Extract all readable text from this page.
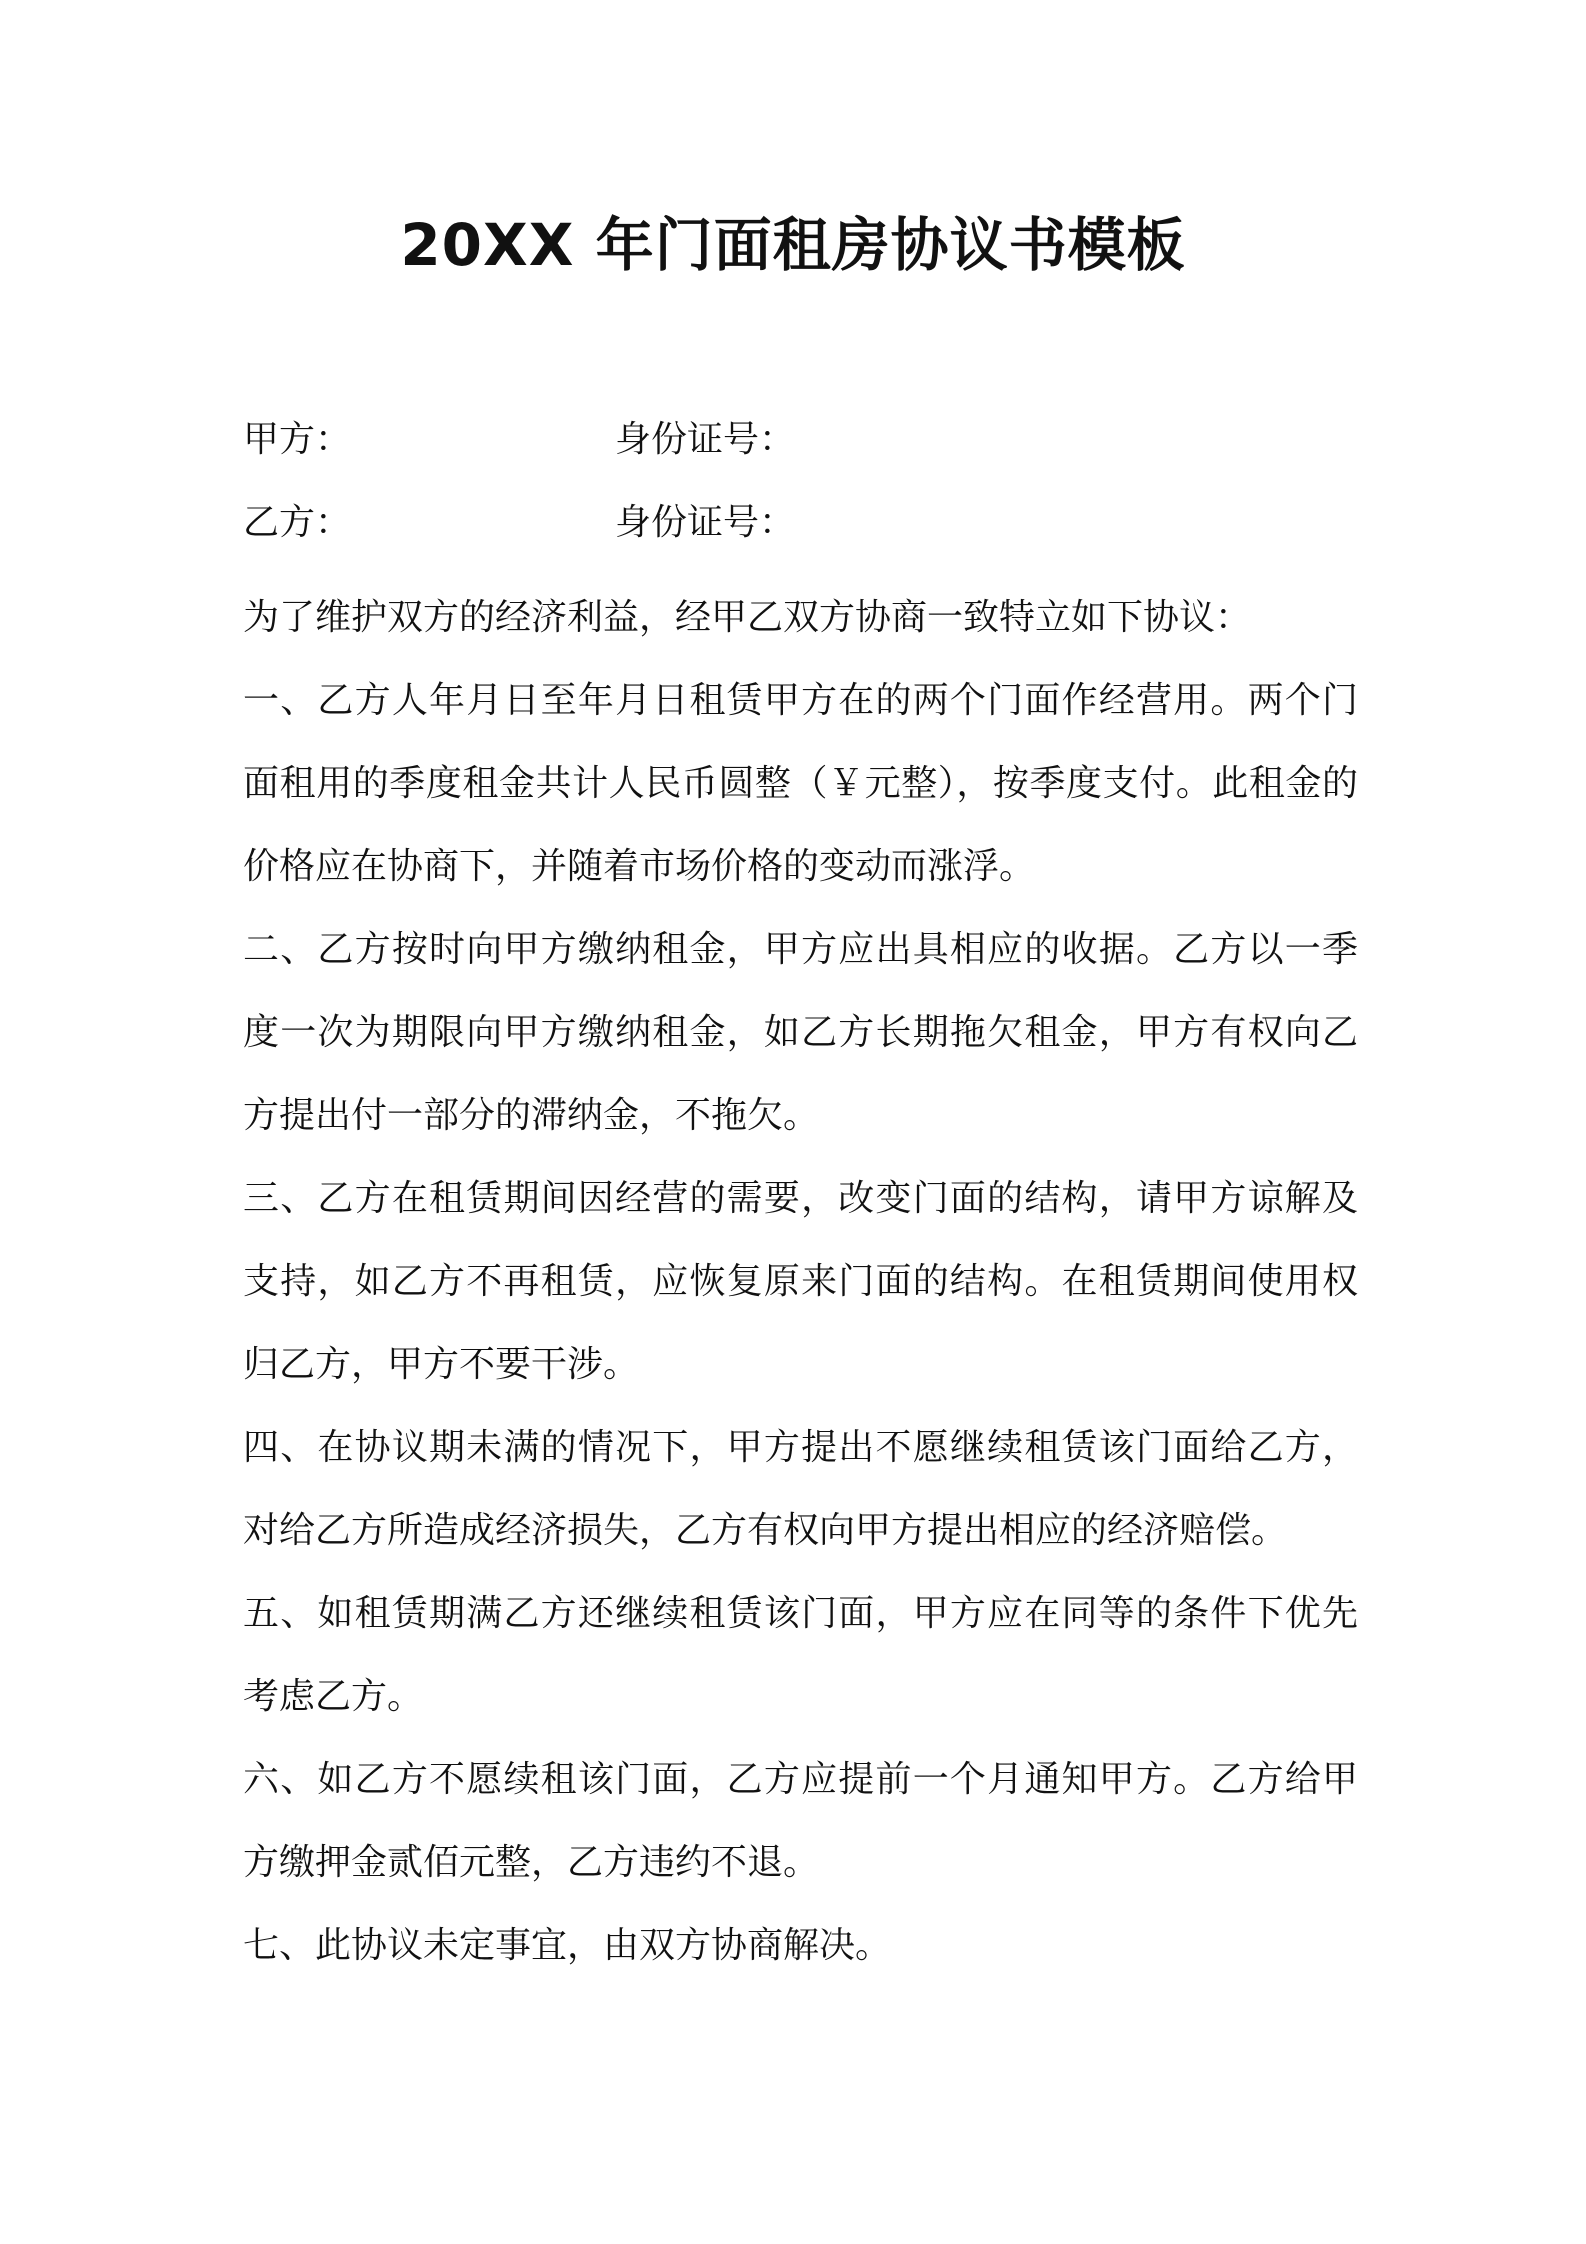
20XX 年门面租房协议书模板
甲方：	身份证号：
乙方：	身份证号：

为了维护双方的经济利益，经甲乙双方协商一致特立如下协议：

一、乙方人年月日至年月日租赁甲方在的两个门面作经营用。两个门面租用的季度租金共计人民币圆整（￥元整），按季度支付。此租金的价格应在协商下，并随着市场价格的变动而涨浮。

二、乙方按时向甲方缴纳租金，甲方应出具相应的收据。乙方以一季度一次为期限向甲方缴纳租金，如乙方长期拖欠租金，甲方有权向乙方提出付一部分的滞纳金，不拖欠。

三、乙方在租赁期间因经营的需要，改变门面的结构，请甲方谅解及支持，如乙方不再租赁，应恢复原来门面的结构。在租赁期间使用权归乙方，甲方不要干涉。

四、在协议期未满的情况下，甲方提出不愿继续租赁该门面给乙方，对给乙方所造成经济损失，乙方有权向甲方提出相应的经济赔偿。

五、如租赁期满乙方还继续租赁该门面，甲方应在同等的条件下优先考虑乙方。

六、如乙方不愿续租该门面，乙方应提前一个月通知甲方。乙方给甲方缴押金贰佰元整，乙方违约不退。

七、此协议未定事宜，由双方协商解决。
